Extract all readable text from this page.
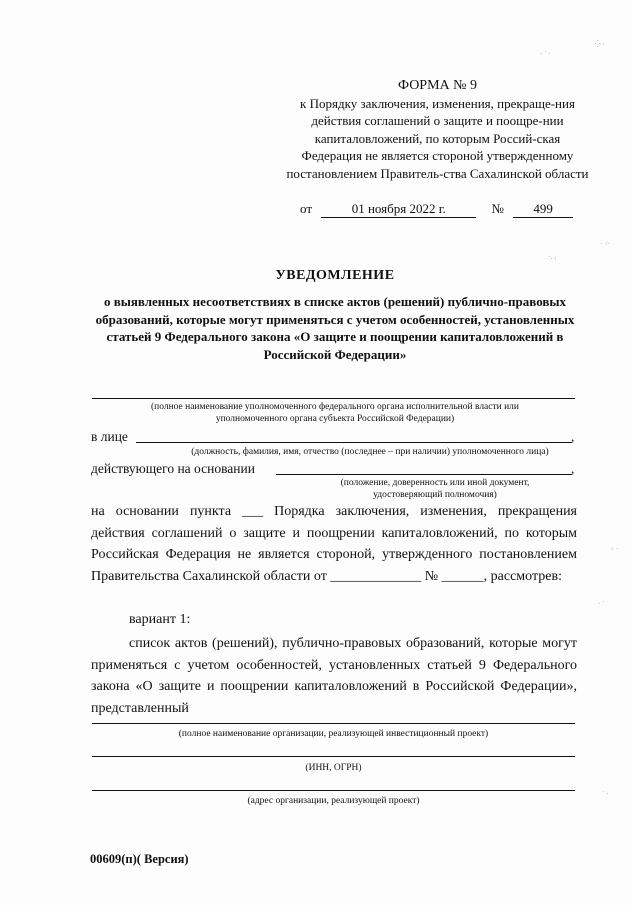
ФОРМА № 9
к Порядку заключения, изменения, прекраще-ния действия соглашений о защите и поощре-нии капиталовложений, по которым Россий-ская Федерация не является стороной утвержденному постановлением Правитель-ства Сахалинской области
от	01 ноября 2022 г.	№ 499
УВЕДОМЛЕНИЕ
о выявленных несоответствиях в списке актов (решений) публично-правовых образований, которые могут применяться с учетом особенностей, установленных статьей 9 Федерального закона «О защите и поощрении капиталовложений в Российской Федерации»
(полное наименование уполномоченного федерального органа исполнительной власти или уполномоченного органа субъекта Российской Федерации)
в лице	,
(должность, фамилия, имя, отчество (последнее – при наличии) уполномоченного лица)
действующего на основании	,
(положение, доверенность или иной документ, удостоверяющий полномочия)
на основании пункта ___ Порядка заключения, изменения, прекращения действия соглашений о защите и поощрении капиталовложений, по которым Российская Федерация не является стороной, утвержденного постановлением Правительства Сахалинской области от _____________ № ______, рассмотрев:
вариант 1:
список актов (решений), публично-правовых образований, которые могут применяться с учетом особенностей, установленных статьей 9 Федерального закона «О защите и поощрении капиталовложений в Российской Федерации», представленный
(полное наименование организации, реализующей инвестиционный проект)
(ИНН, ОГРН)
(адрес организации, реализующей проект)
00609(п)( Версия)
· ˙ ·
⁛ ·
˙·⁖
· ⁘
⁖ ·
· ˙
˙ ·
